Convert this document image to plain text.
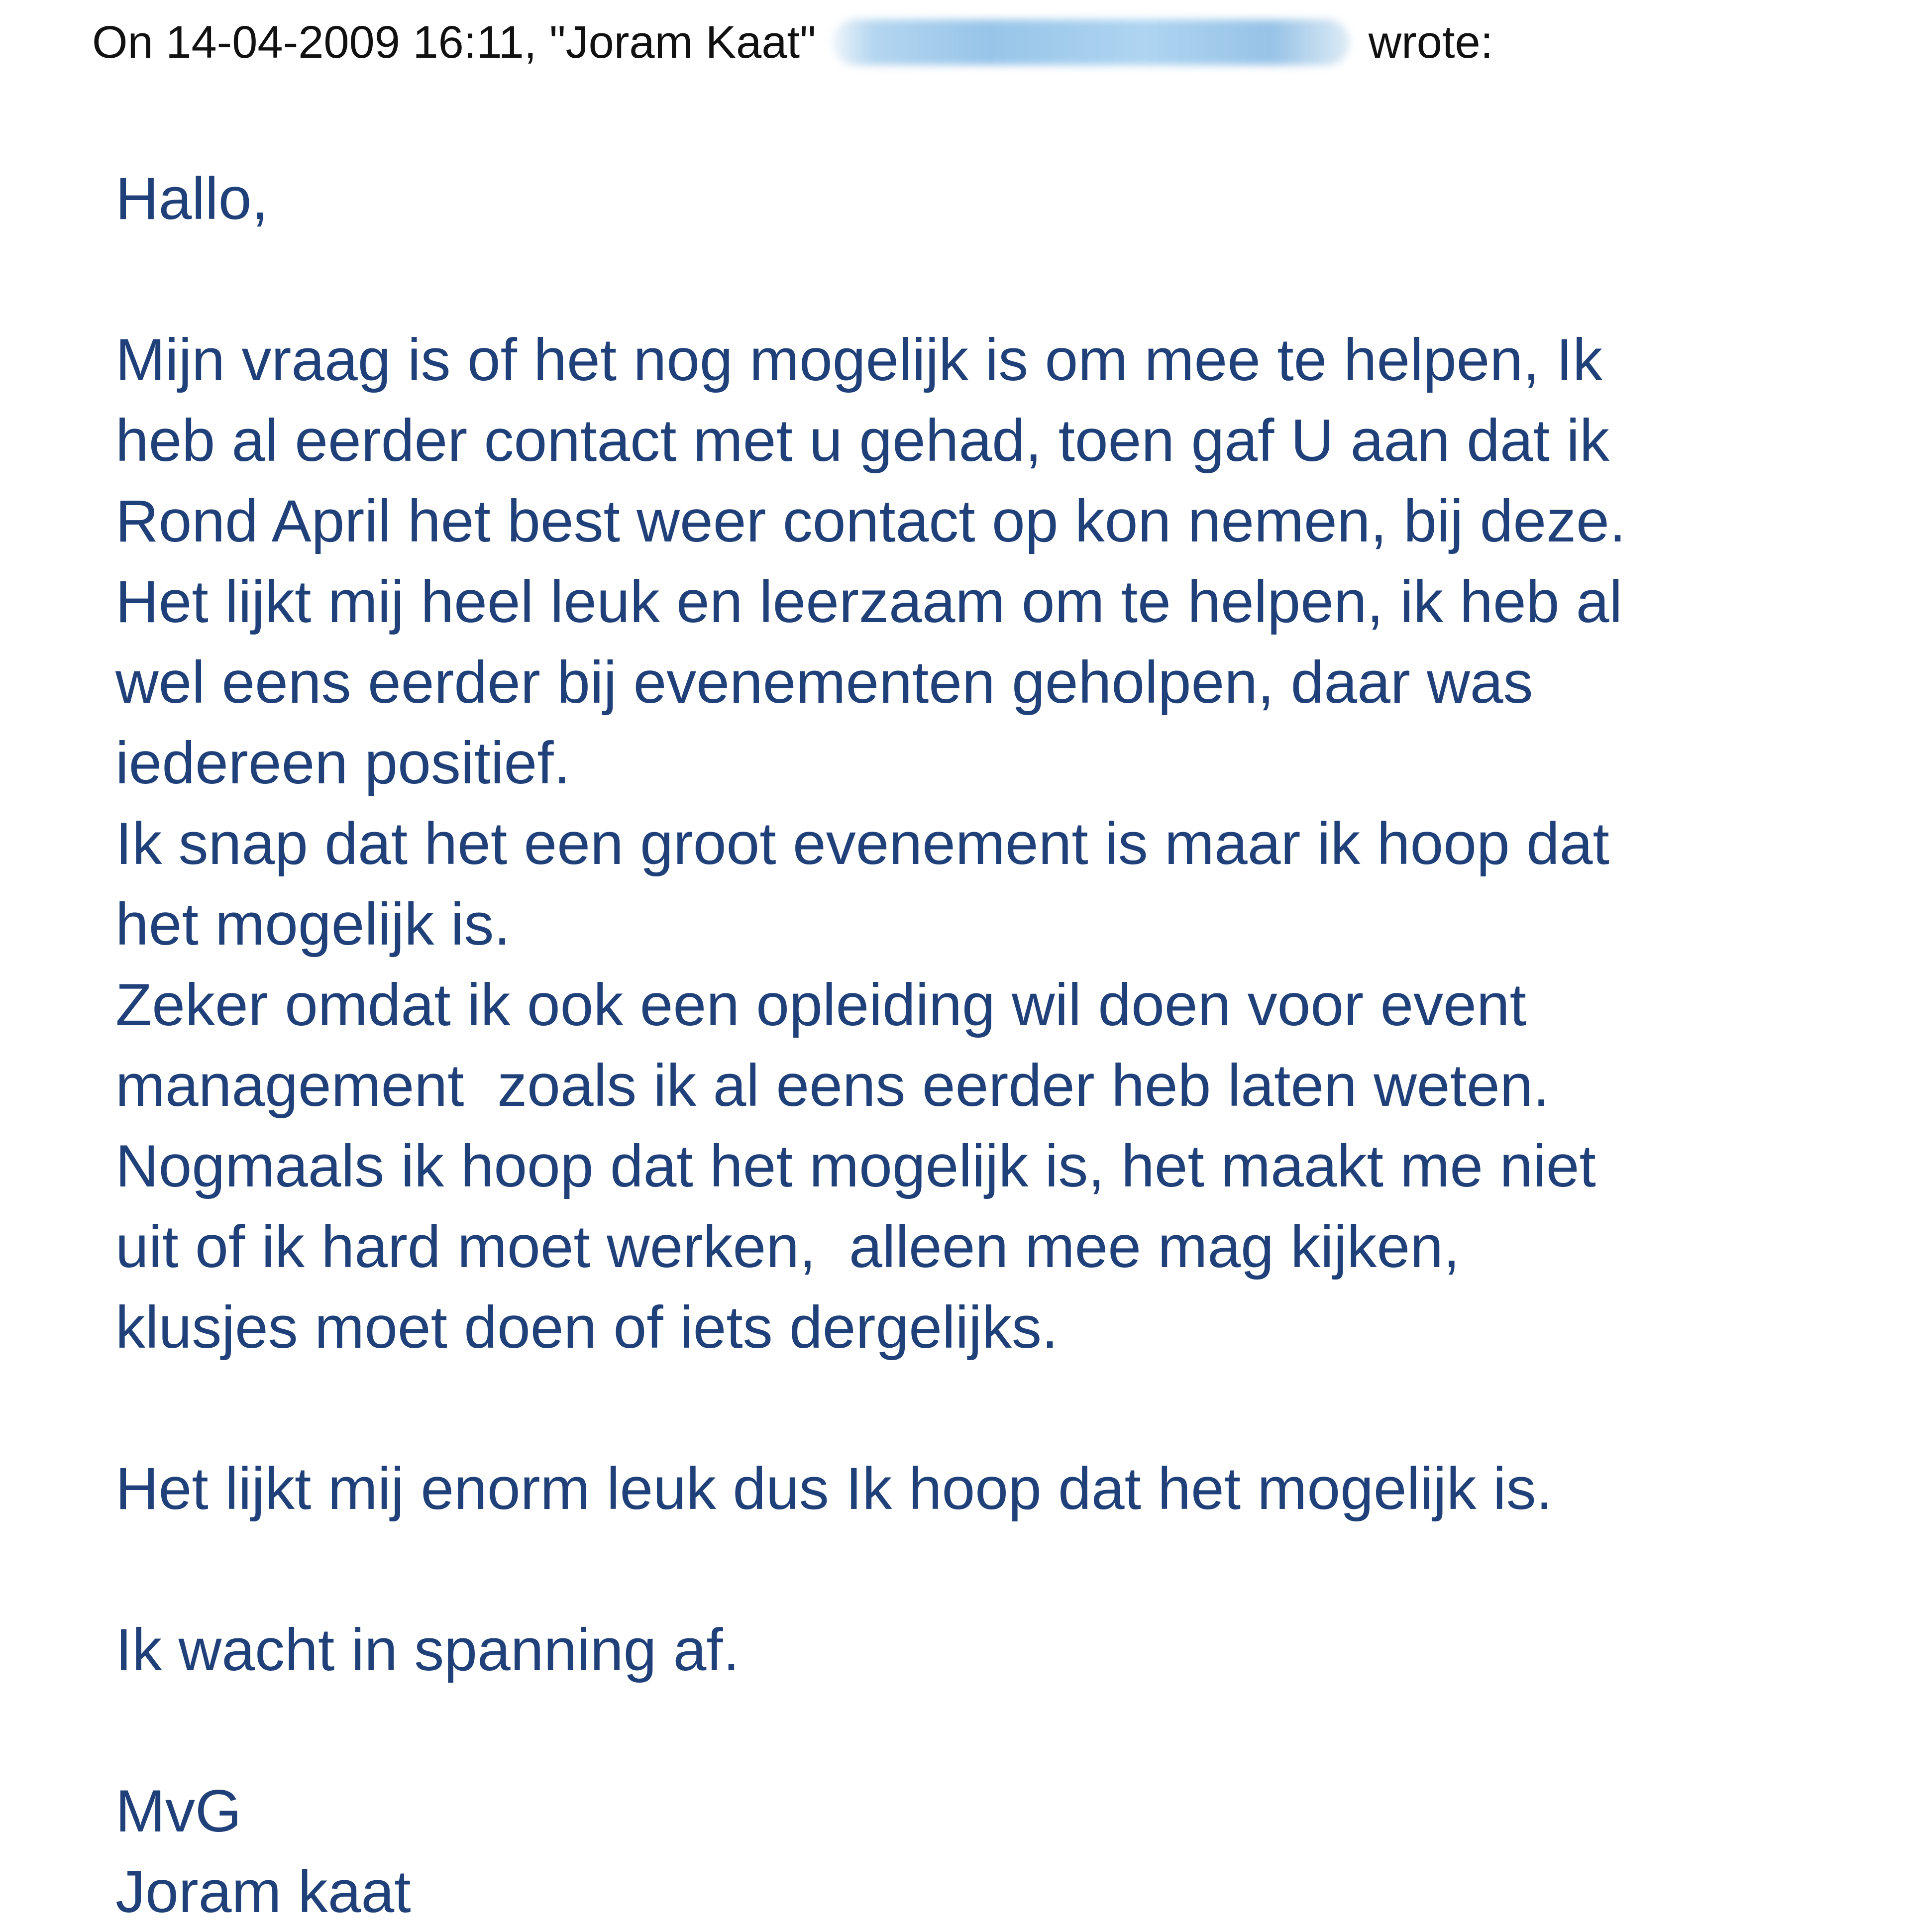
On 14-04-2009 16:11, "Joram Kaat"	wrote:
Hallo,
Mijn vraag is of het nog mogelijk is om mee te helpen, Ik
heb al eerder contact met u gehad, toen gaf U aan dat ik
Rond April het best weer contact op kon nemen, bij deze.
Het lijkt mij heel leuk en leerzaam om te helpen, ik heb al
wel eens eerder bij evenementen geholpen, daar was
iedereen positief.
Ik snap dat het een groot evenement is maar ik hoop dat
het mogelijk is.
Zeker omdat ik ook een opleiding wil doen voor event
management  zoals ik al eens eerder heb laten weten.
Nogmaals ik hoop dat het mogelijk is, het maakt me niet
uit of ik hard moet werken,  alleen mee mag kijken,
klusjes moet doen of iets dergelijks.
Het lijkt mij enorm leuk dus Ik hoop dat het mogelijk is.
Ik wacht in spanning af.
MvG
Joram kaat
